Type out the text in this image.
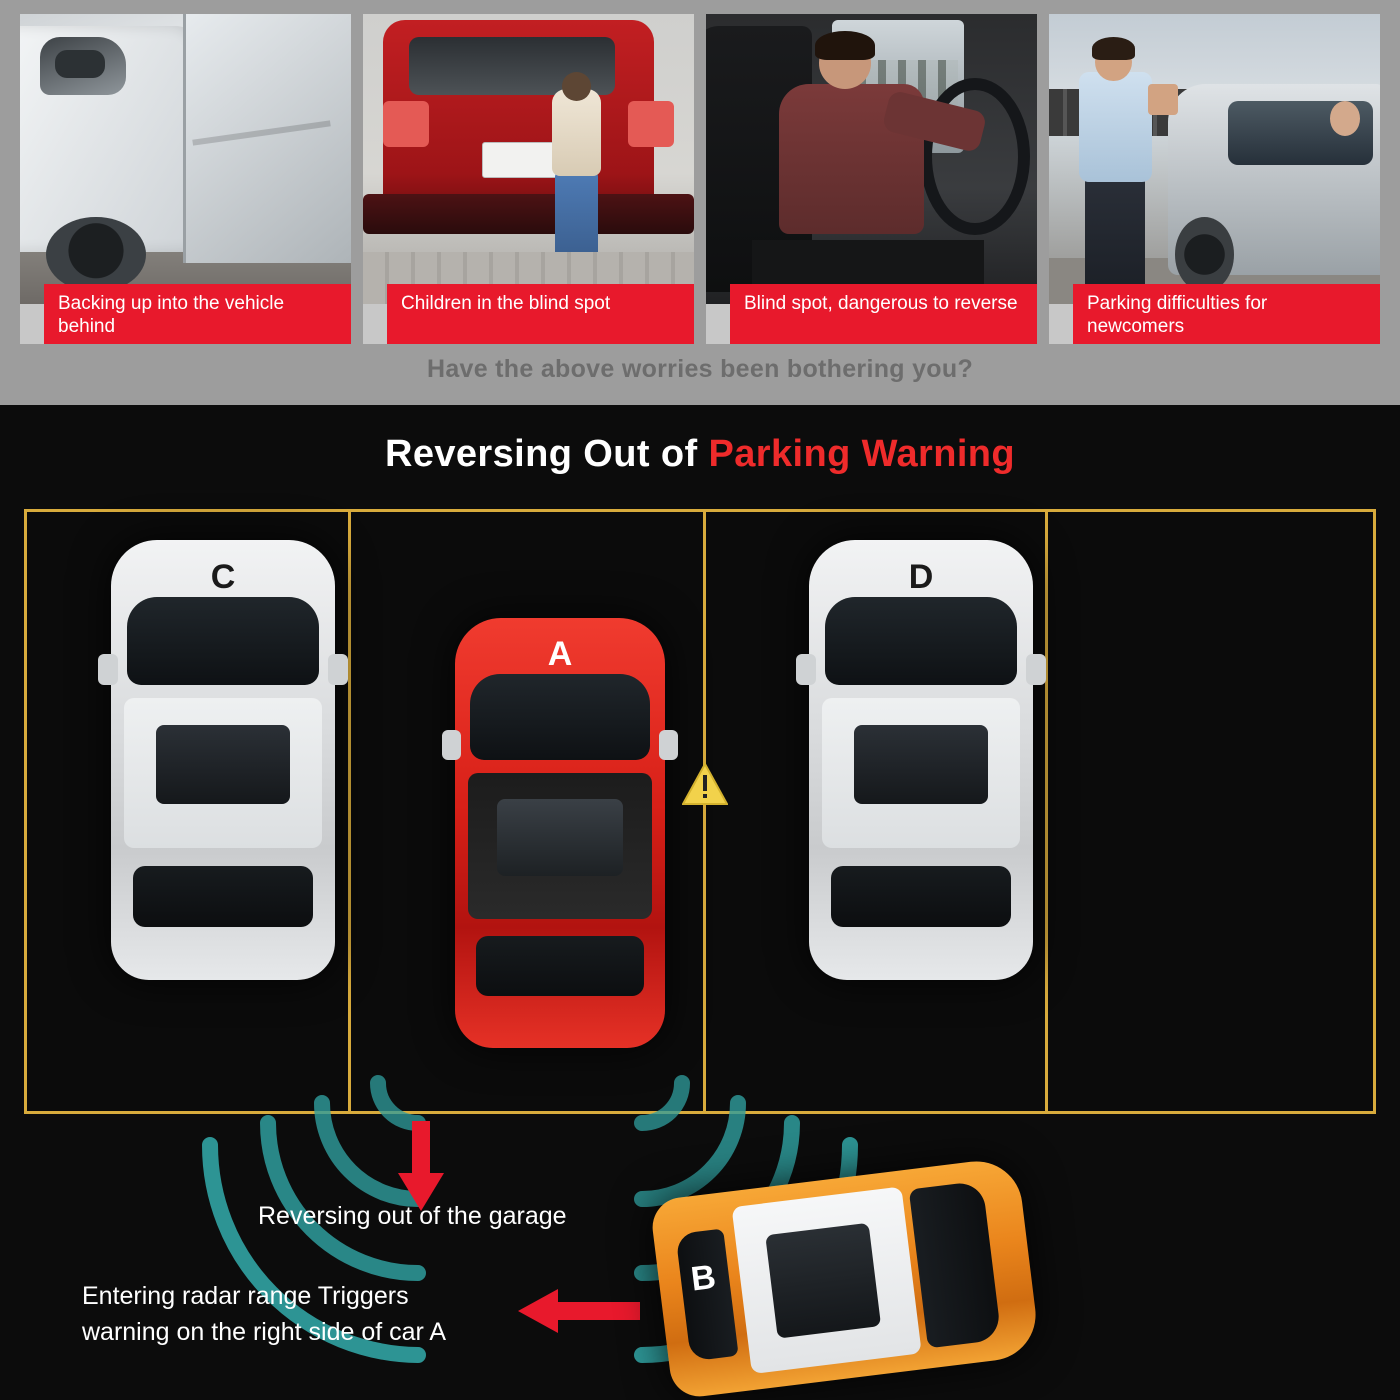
Backing up into the vehicle behind
Children in the blind spot	Blind spot, dangerous to reverse	Parking difficulties for newcomers
Have the above worries been bothering you?
Reversing Out of Parking Warning
C
A
D
B
Reversing out of the garage
Entering radar range Triggers
warning on the right side of car A
